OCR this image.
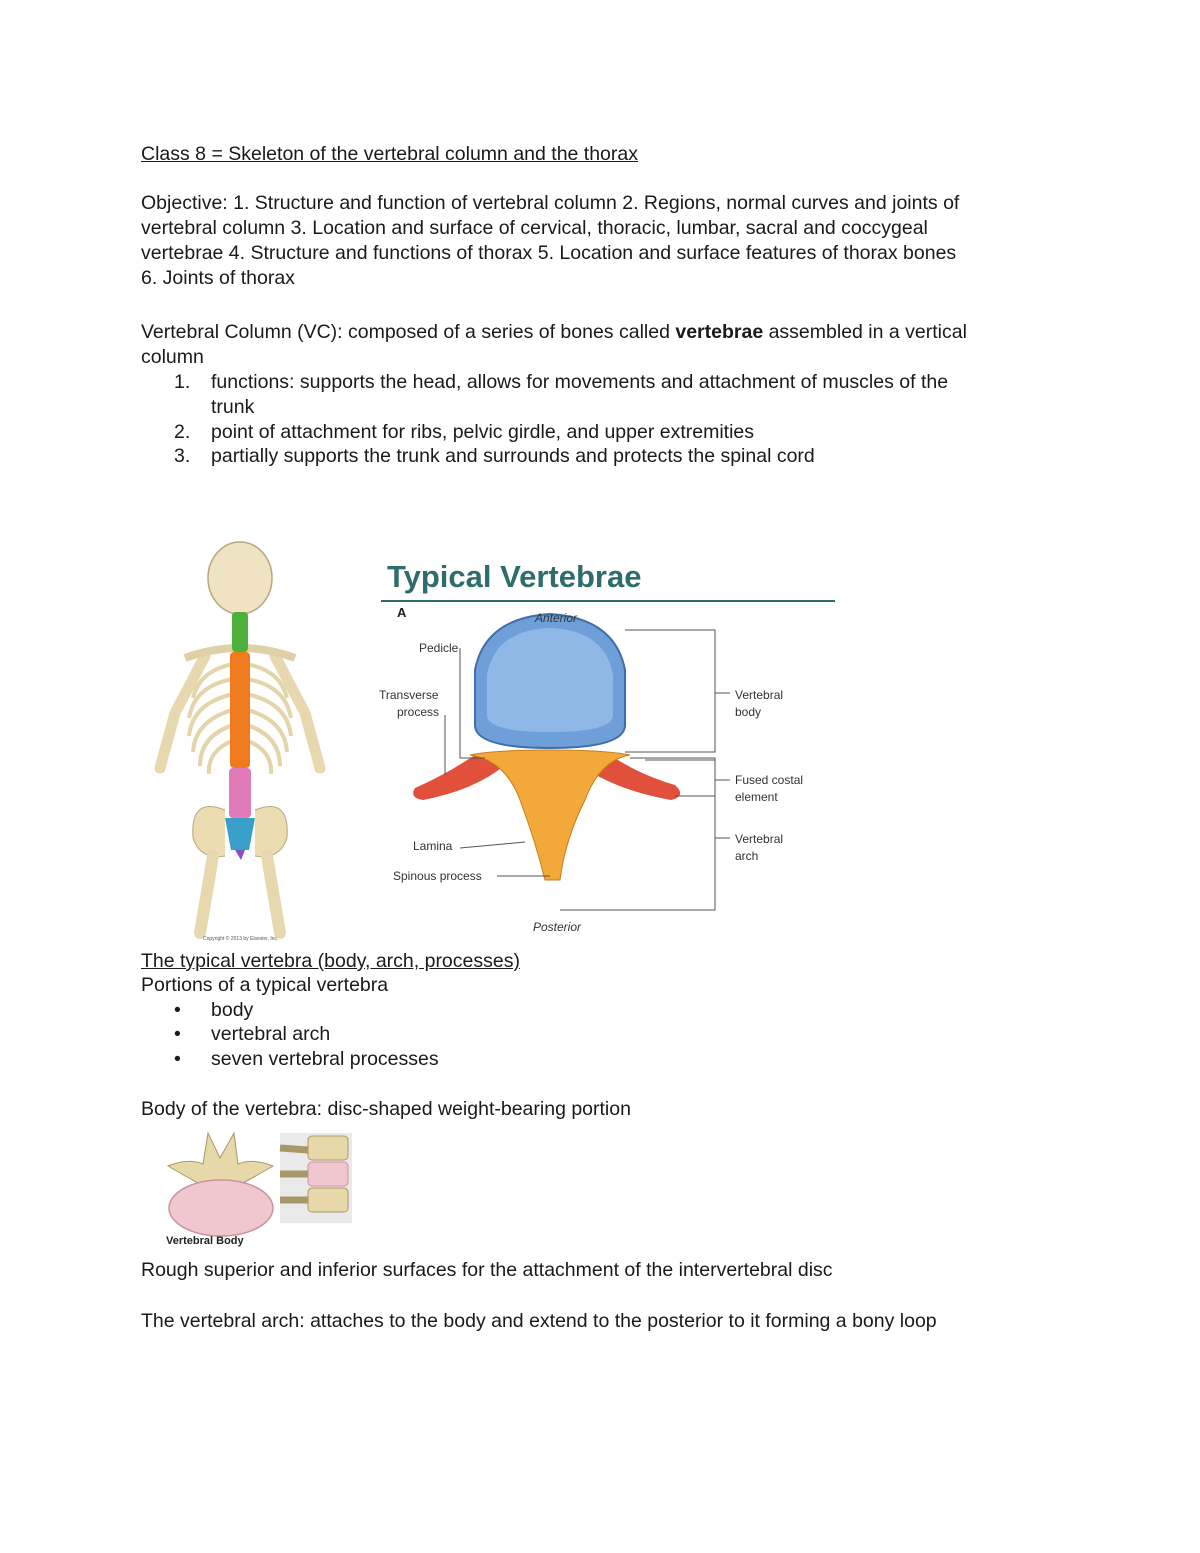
Class 8 = Skeleton of the vertebral column and the thorax
Objective: 1. Structure and function of vertebral column 2. Regions, normal curves and joints of
vertebral column 3. Location and surface of cervical, thoracic, lumbar, sacral and coccygeal
vertebrae 4. Structure and functions of thorax 5. Location and surface features of thorax bones
6. Joints of thorax
Vertebral Column (VC): composed of a series of bones called vertebrae assembled in a vertical
column
1. functions: supports the head, allows for movements and attachment of muscles of the
trunk
2. point of attachment for ribs, pelvic girdle, and upper extremities
3. partially supports the trunk and surrounds and protects the spinal cord
Copyright © 2013 by Elsevier, Inc.
Typical Vertebrae
A	Anterior
Posterior
Pedicle
Transverse
process
Lamina
Spinous process
Vertebral
body
Fused costal
element
Vertebral
arch
The typical vertebra (body, arch, processes)
Portions of a typical vertebra
• body
• vertebral arch
• seven vertebral processes
Body of the vertebra: disc-shaped weight-bearing portion
Vertebral Body
Rough superior and inferior surfaces for the attachment of the intervertebral disc
The vertebral arch: attaches to the body and extend to the posterior to it forming a bony loop
